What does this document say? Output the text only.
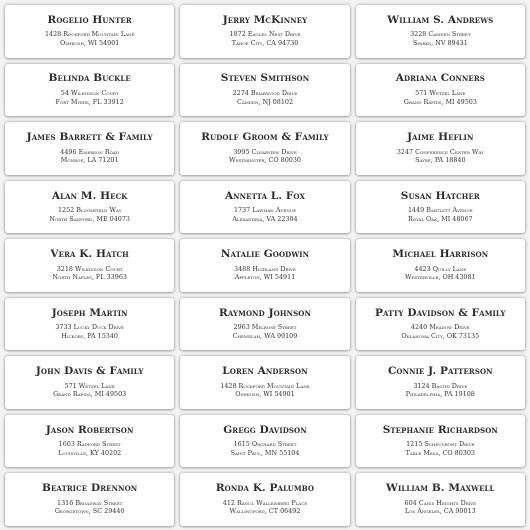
Rogelio Hunter
1428 Rockford Mountain Lane
Oshkosh, WI 54901
Jerry McKinney
1872 Eagles Nest Drive
Tahoe City, CA 94730
William S. Andrews
3228 Camden Street
Sparks, NV 89431
Belinda Buckle
54 Wilkinson Court
Fort Myers, FL 33912
Steven Smithson
2274 Briarwood Drive
Camden, NJ 08102
Adriana Conners
571 Wetzel Lane
Grand Rapids, MI 49503
James Barrett & Family
4496 Emerson Road
Monroe, LA 71201
Rudolf Groom & Family
3995 Clearview Drive
Westminster, CO 80030
Jaime Heflin
3247 Conference Center Way
Sayre, PA 18840
Alan M. Heck
1252 Bloomfield Way
North Sanford, ME 04073
Annetta L. Fox
1737 Lawman Avenue
Alexandria, VA 22304
Susan Hatcher
1449 Bartlett Avenue
Royal Oak, MI 48067
Vera K. Hatch
3218 Wilkinson Court
North Naples, FL 33963
Natalie Goodwin
3488 Highland Drive
Appleton, WI 54911
Michael Harrison
4423 Quilly Lane
Westerville, OH 43081
Joseph Martin
3733 Lucky Duck Drive
Hickory, PA 15340
Raymond Johnson
2963 Melrose Street
Chewelah, WA 99109
Patty Davidson & Family
4240 Meadow Drive
Oklahoma City, OK 73135
John Davis & Family
571 Wetzel Lane
Grand Rapids, MI 49503
Loren Anderson
1428 Rockford Mountain Lane
Oshkosh, WI 54901
Connie J. Patterson
3124 Bastin Drive
Philadelphia, PA 19108
Jason Robertson
1603 Radford Street
Louisville, KY 40202
Gregg Davidson
1615 Orchard Street
Saint Paul, MN 55104
Stephanie Richardson
1215 Scheuvront Drive
Table Mesa, CO 80303
Beatrice Drennon
1316 Broadway Street
Georgetown, SC 29440
Ronda K. Palumbo
412 Raoul Wallenberg Place
Wallingford, CT 06492
William B. Maxwell
604 Canis Heights Drive
Los Angeles, CA 90013
